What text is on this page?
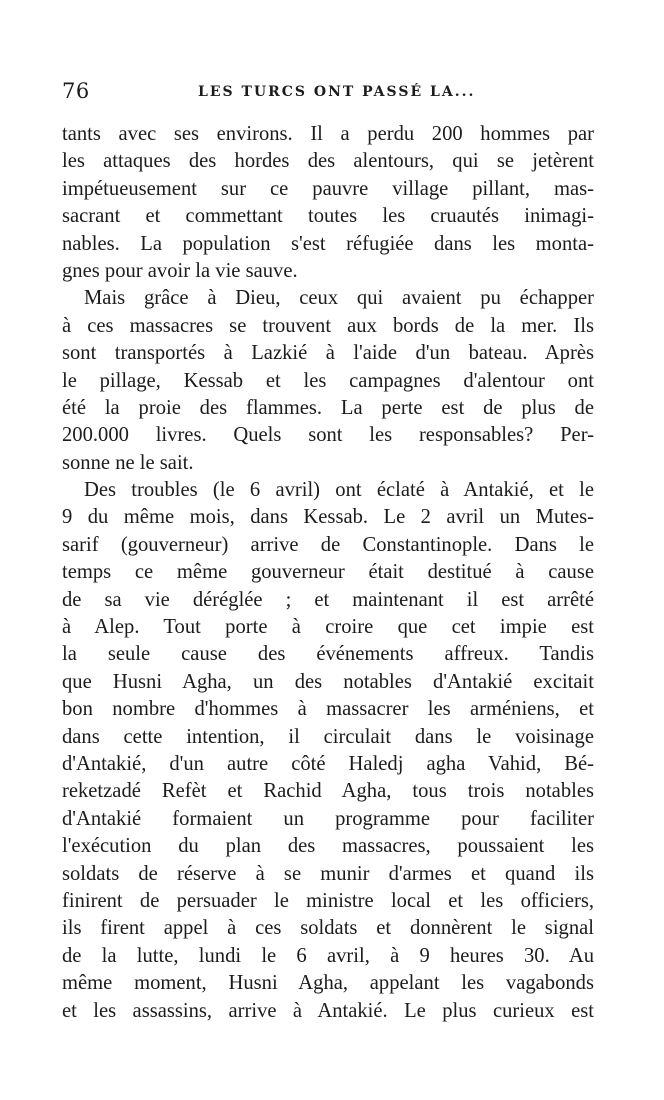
76	LES TURCS ONT PASSÉ LA...
tants avec ses environs. Il a perdu 200 hommes par
les attaques des hordes des alentours, qui se jetèrent
impétueusement sur ce pauvre village pillant, mas-
sacrant et commettant toutes les cruautés inimagi-
nables. La population s'est réfugiée dans les monta-
gnes pour avoir la vie sauve.
Mais grâce à Dieu, ceux qui avaient pu échapper
à ces massacres se trouvent aux bords de la mer. Ils
sont transportés à Lazkié à l'aide d'un bateau. Après
le pillage, Kessab et les campagnes d'alentour ont
été la proie des flammes. La perte est de plus de
200.000 livres. Quels sont les responsables? Per-
sonne ne le sait.
Des troubles (le 6 avril) ont éclaté à Antakié, et le
9 du même mois, dans Kessab. Le 2 avril un Mutes-
sarif (gouverneur) arrive de Constantinople. Dans le
temps ce même gouverneur était destitué à cause
de sa vie déréglée ; et maintenant il est arrêté
à Alep. Tout porte à croire que cet impie est
la seule cause des événements affreux. Tandis
que Husni Agha, un des notables d'Antakié excitait
bon nombre d'hommes à massacrer les arméniens, et
dans cette intention, il circulait dans le voisinage
d'Antakié, d'un autre côté Haledj agha Vahid, Bé-
reketzadé Refèt et Rachid Agha, tous trois notables
d'Antakié formaient un programme pour faciliter
l'exécution du plan des massacres, poussaient les
soldats de réserve à se munir d'armes et quand ils
finirent de persuader le ministre local et les officiers,
ils firent appel à ces soldats et donnèrent le signal
de la lutte, lundi le 6 avril, à 9 heures 30. Au
même moment, Husni Agha, appelant les vagabonds
et les assassins, arrive à Antakié. Le plus curieux est
